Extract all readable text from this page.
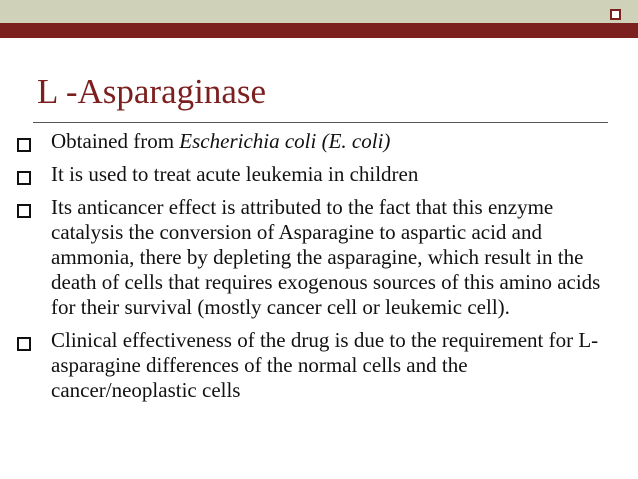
L -Asparaginase
Obtained from Escherichia coli (E. coli)
It is used to treat acute leukemia in children
Its anticancer effect is attributed to the fact that this enzyme catalysis the conversion of Asparagine to aspartic acid and ammonia, there by depleting the asparagine, which result in the death of cells that requires exogenous sources of this amino acids for their survival (mostly cancer cell or leukemic cell).
Clinical effectiveness of the drug is due to the requirement for L-asparagine differences of the normal cells and the cancer/neoplastic cells
